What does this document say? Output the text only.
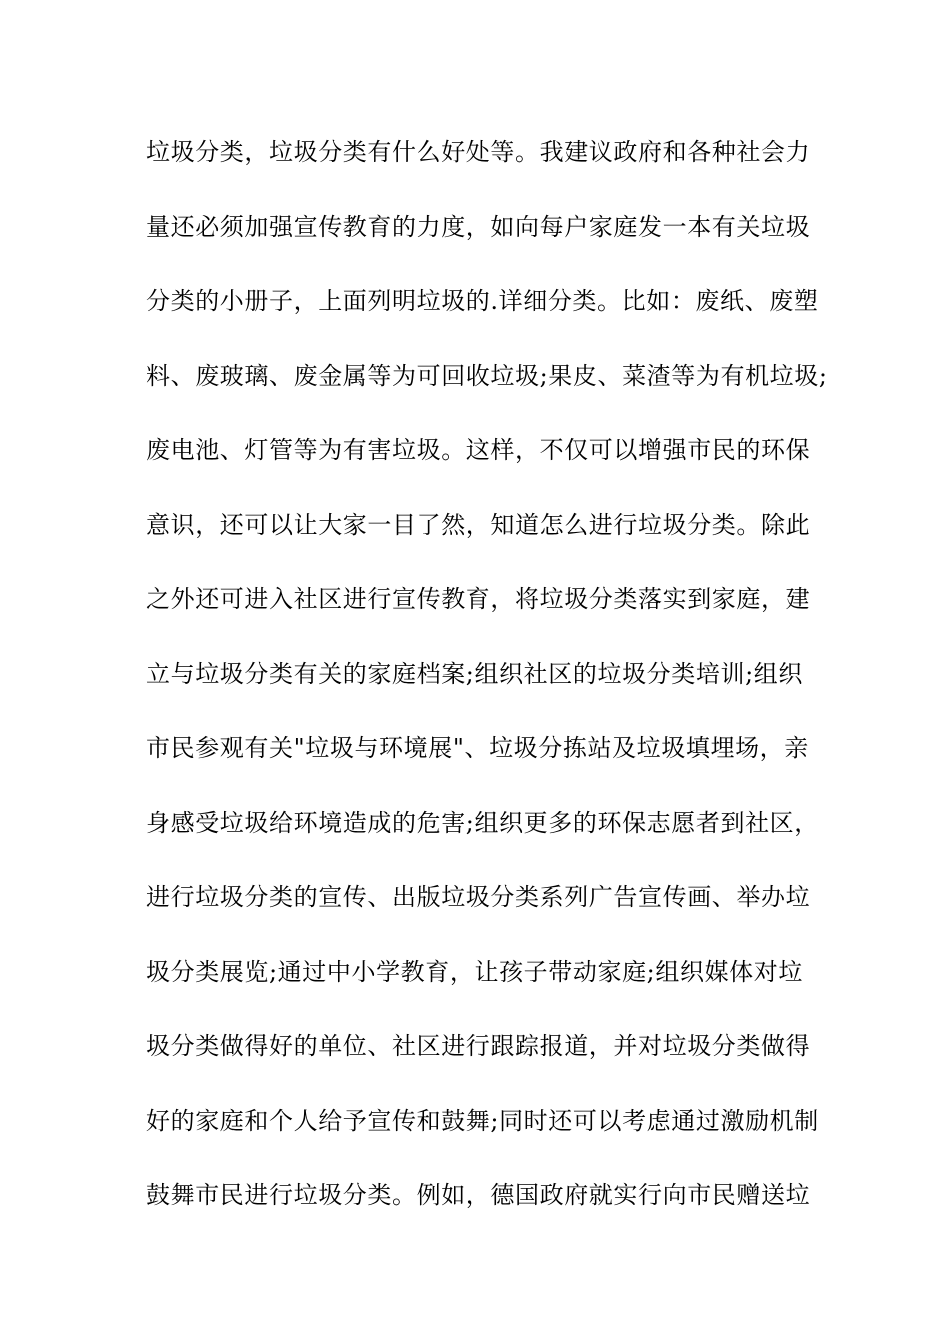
垃圾分类，垃圾分类有什么好处等。我建议政府和各种社会力
量还必须加强宣传教育的力度，如向每户家庭发一本有关垃圾
分类的小册子，上面列明垃圾的.详细分类。比如：废纸、废塑
料、废玻璃、废金属等为可回收垃圾;果皮、菜渣等为有机垃圾;
废电池、灯管等为有害垃圾。这样，不仅可以增强市民的环保
意识，还可以让大家一目了然，知道怎么进行垃圾分类。除此
之外还可进入社区进行宣传教育，将垃圾分类落实到家庭，建
立与垃圾分类有关的家庭档案;组织社区的垃圾分类培训;组织
市民参观有关"垃圾与环境展"、垃圾分拣站及垃圾填埋场，亲
身感受垃圾给环境造成的危害;组织更多的环保志愿者到社区，
进行垃圾分类的宣传、出版垃圾分类系列广告宣传画、举办垃
圾分类展览;通过中小学教育，让孩子带动家庭;组织媒体对垃
圾分类做得好的单位、社区进行跟踪报道，并对垃圾分类做得
好的家庭和个人给予宣传和鼓舞;同时还可以考虑通过激励机制
鼓舞市民进行垃圾分类。例如，德国政府就实行向市民赠送垃
